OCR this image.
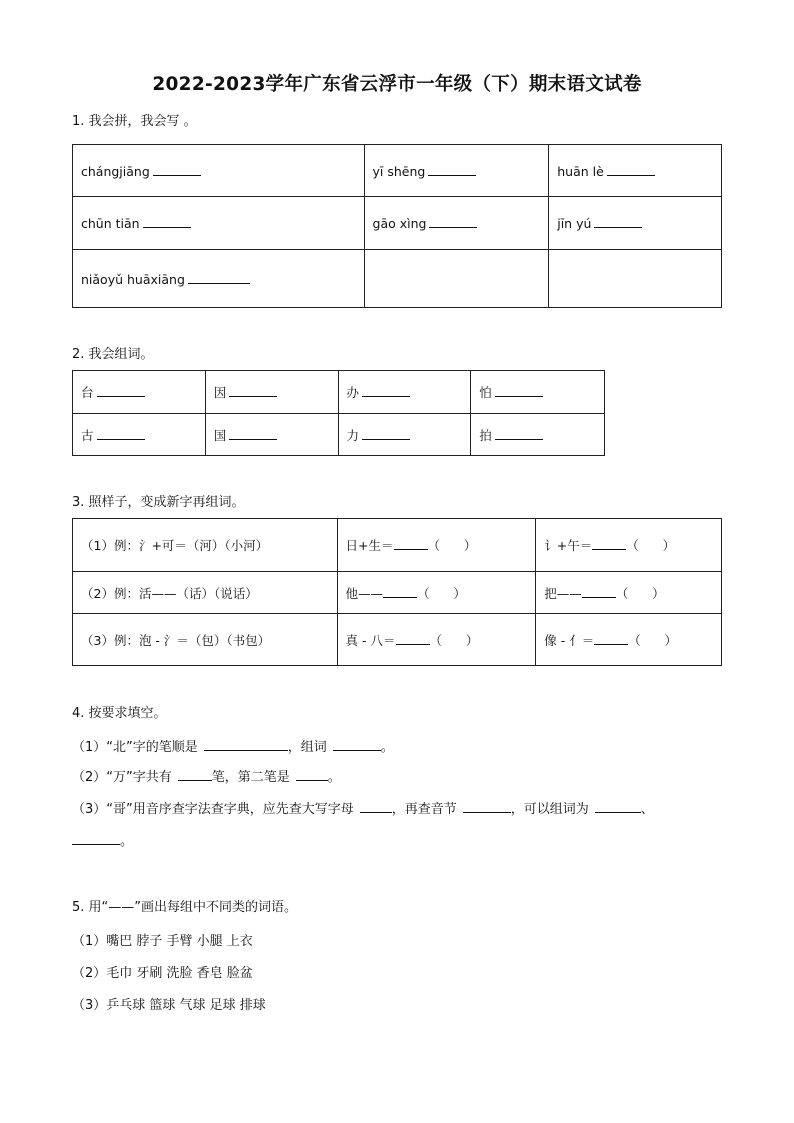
2022-2023学年广东省云浮市一年级（下）期末语文试卷
1. 我会拼，我会写 。
chángjiāng	yī shēng	huān lè
chūn tiān	gāo xìng	jīn yú
niǎoyǔ huāxiāng		
2. 我会组词。
台	因	办	怕
古	国	力	拍
3. 照样子，变成新字再组词。
（1）例：氵+可＝（河）（小河）	日+生＝ （      ）	讠+午＝ （      ）
（2）例：活——（话）（说话）	他—— （      ）	把—— （      ）
（3）例：泡 - 氵＝（包）（书包）	真 - 八＝ （      ）	像 - 亻＝ （      ）
4. 按要求填空。
（1）“北”字的笔顺是	，组词	。
（2）“万”字共有	笔，第二笔是	。
（3）“哥”用音序查字法查字典，应先查大写字母	，再查音节	，可以组词为	、
。
5. 用“——”画出每组中不同类的词语。
（1）嘴巴 脖子 手臂 小腿 上衣
（2）毛巾 牙刷 洗脸 香皂 脸盆
（3）乒乓球 篮球 气球 足球 排球
